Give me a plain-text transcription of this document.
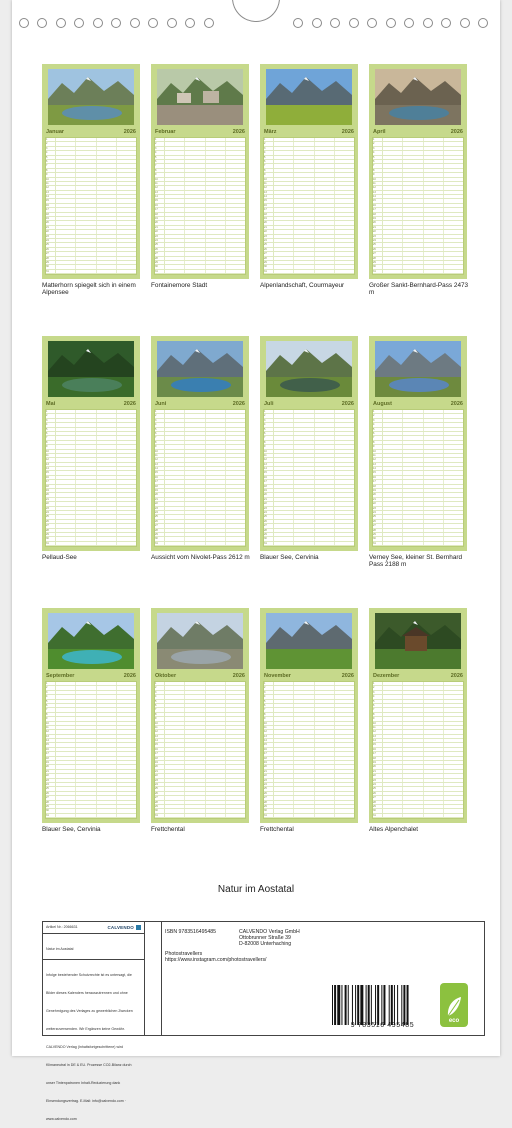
Januar	2026
1
2
3
4
5
6
7
8
9
10
11
12
13
14
15
16
17
18
19
20
21
22
23
24
25
26
27
28
29
30
31
Matterhorn spiegelt sich in einem Alpensee
Februar	2026
1
2
3
4
5
6
7
8
9
10
11
12
13
14
15
16
17
18
19
20
21
22
23
24
25
26
27
28
29
30
31
Fontainemore Stadt
März	2026
1
2
3
4
5
6
7
8
9
10
11
12
13
14
15
16
17
18
19
20
21
22
23
24
25
26
27
28
29
30
31
Alpenlandschaft, Courmayeur
April	2026
1
2
3
4
5
6
7
8
9
10
11
12
13
14
15
16
17
18
19
20
21
22
23
24
25
26
27
28
29
30
31
Großer Sankt-Bernhard-Pass 2473 m
Mai	2026
1
2
3
4
5
6
7
8
9
10
11
12
13
14
15
16
17
18
19
20
21
22
23
24
25
26
27
28
29
30
31
Pellaud-See
Juni	2026
1
2
3
4
5
6
7
8
9
10
11
12
13
14
15
16
17
18
19
20
21
22
23
24
25
26
27
28
29
30
31
Aussicht vom Nivolet-Pass 2612 m
Juli	2026
1
2
3
4
5
6
7
8
9
10
11
12
13
14
15
16
17
18
19
20
21
22
23
24
25
26
27
28
29
30
31
Blauer See, Cervinia
August	2026
1
2
3
4
5
6
7
8
9
10
11
12
13
14
15
16
17
18
19
20
21
22
23
24
25
26
27
28
29
30
31
Verney See, kleiner St. Bernhard Pass 2188 m
September	2026
1
2
3
4
5
6
7
8
9
10
11
12
13
14
15
16
17
18
19
20
21
22
23
24
25
26
27
28
29
30
31
Blauer See, Cervinia
Oktober	2026
1
2
3
4
5
6
7
8
9
10
11
12
13
14
15
16
17
18
19
20
21
22
23
24
25
26
27
28
29
30
31
Frettchental
November	2026
1
2
3
4
5
6
7
8
9
10
11
12
13
14
15
16
17
18
19
20
21
22
23
24
25
26
27
28
29
30
31
Frettchental
Dezember	2026
1
2
3
4
5
6
7
8
9
10
11
12
13
14
15
16
17
18
19
20
21
22
23
24
25
26
27
28
29
30
31
Altes Alpenchalet
Natur im Aostatal
Artikel Nr.: 2066631	CALVENDO
Natur im Aostatal
Infolge bestehender Schutzrechte ist es untersagt, die Bilder dieses Kalenders herauszutrennen und ohne Genehmigung des Verlages zu gewerblichen Zwecken weiterzuverwenden. Wir Ergänzen keine Gewähr. CALVENDO Verlag (Inhaltsfortgeschrittene) wird Klimaneutral in DE & EU. Prozesse CO2-Bilanz durch unser Tintenpatronen Inhalt-Reduzierung dank Einsendungsvertrag. E-Mail: info@calvendo.com · www.calvendo.com
ISBN 9783516495485	CALVENDO Verlag GmbH
Ottobrunner Straße 39
D-82008 Unterhaching
Photostravellers
https://www.instagram.com/photostravellers/
9 783516 495485
eco
